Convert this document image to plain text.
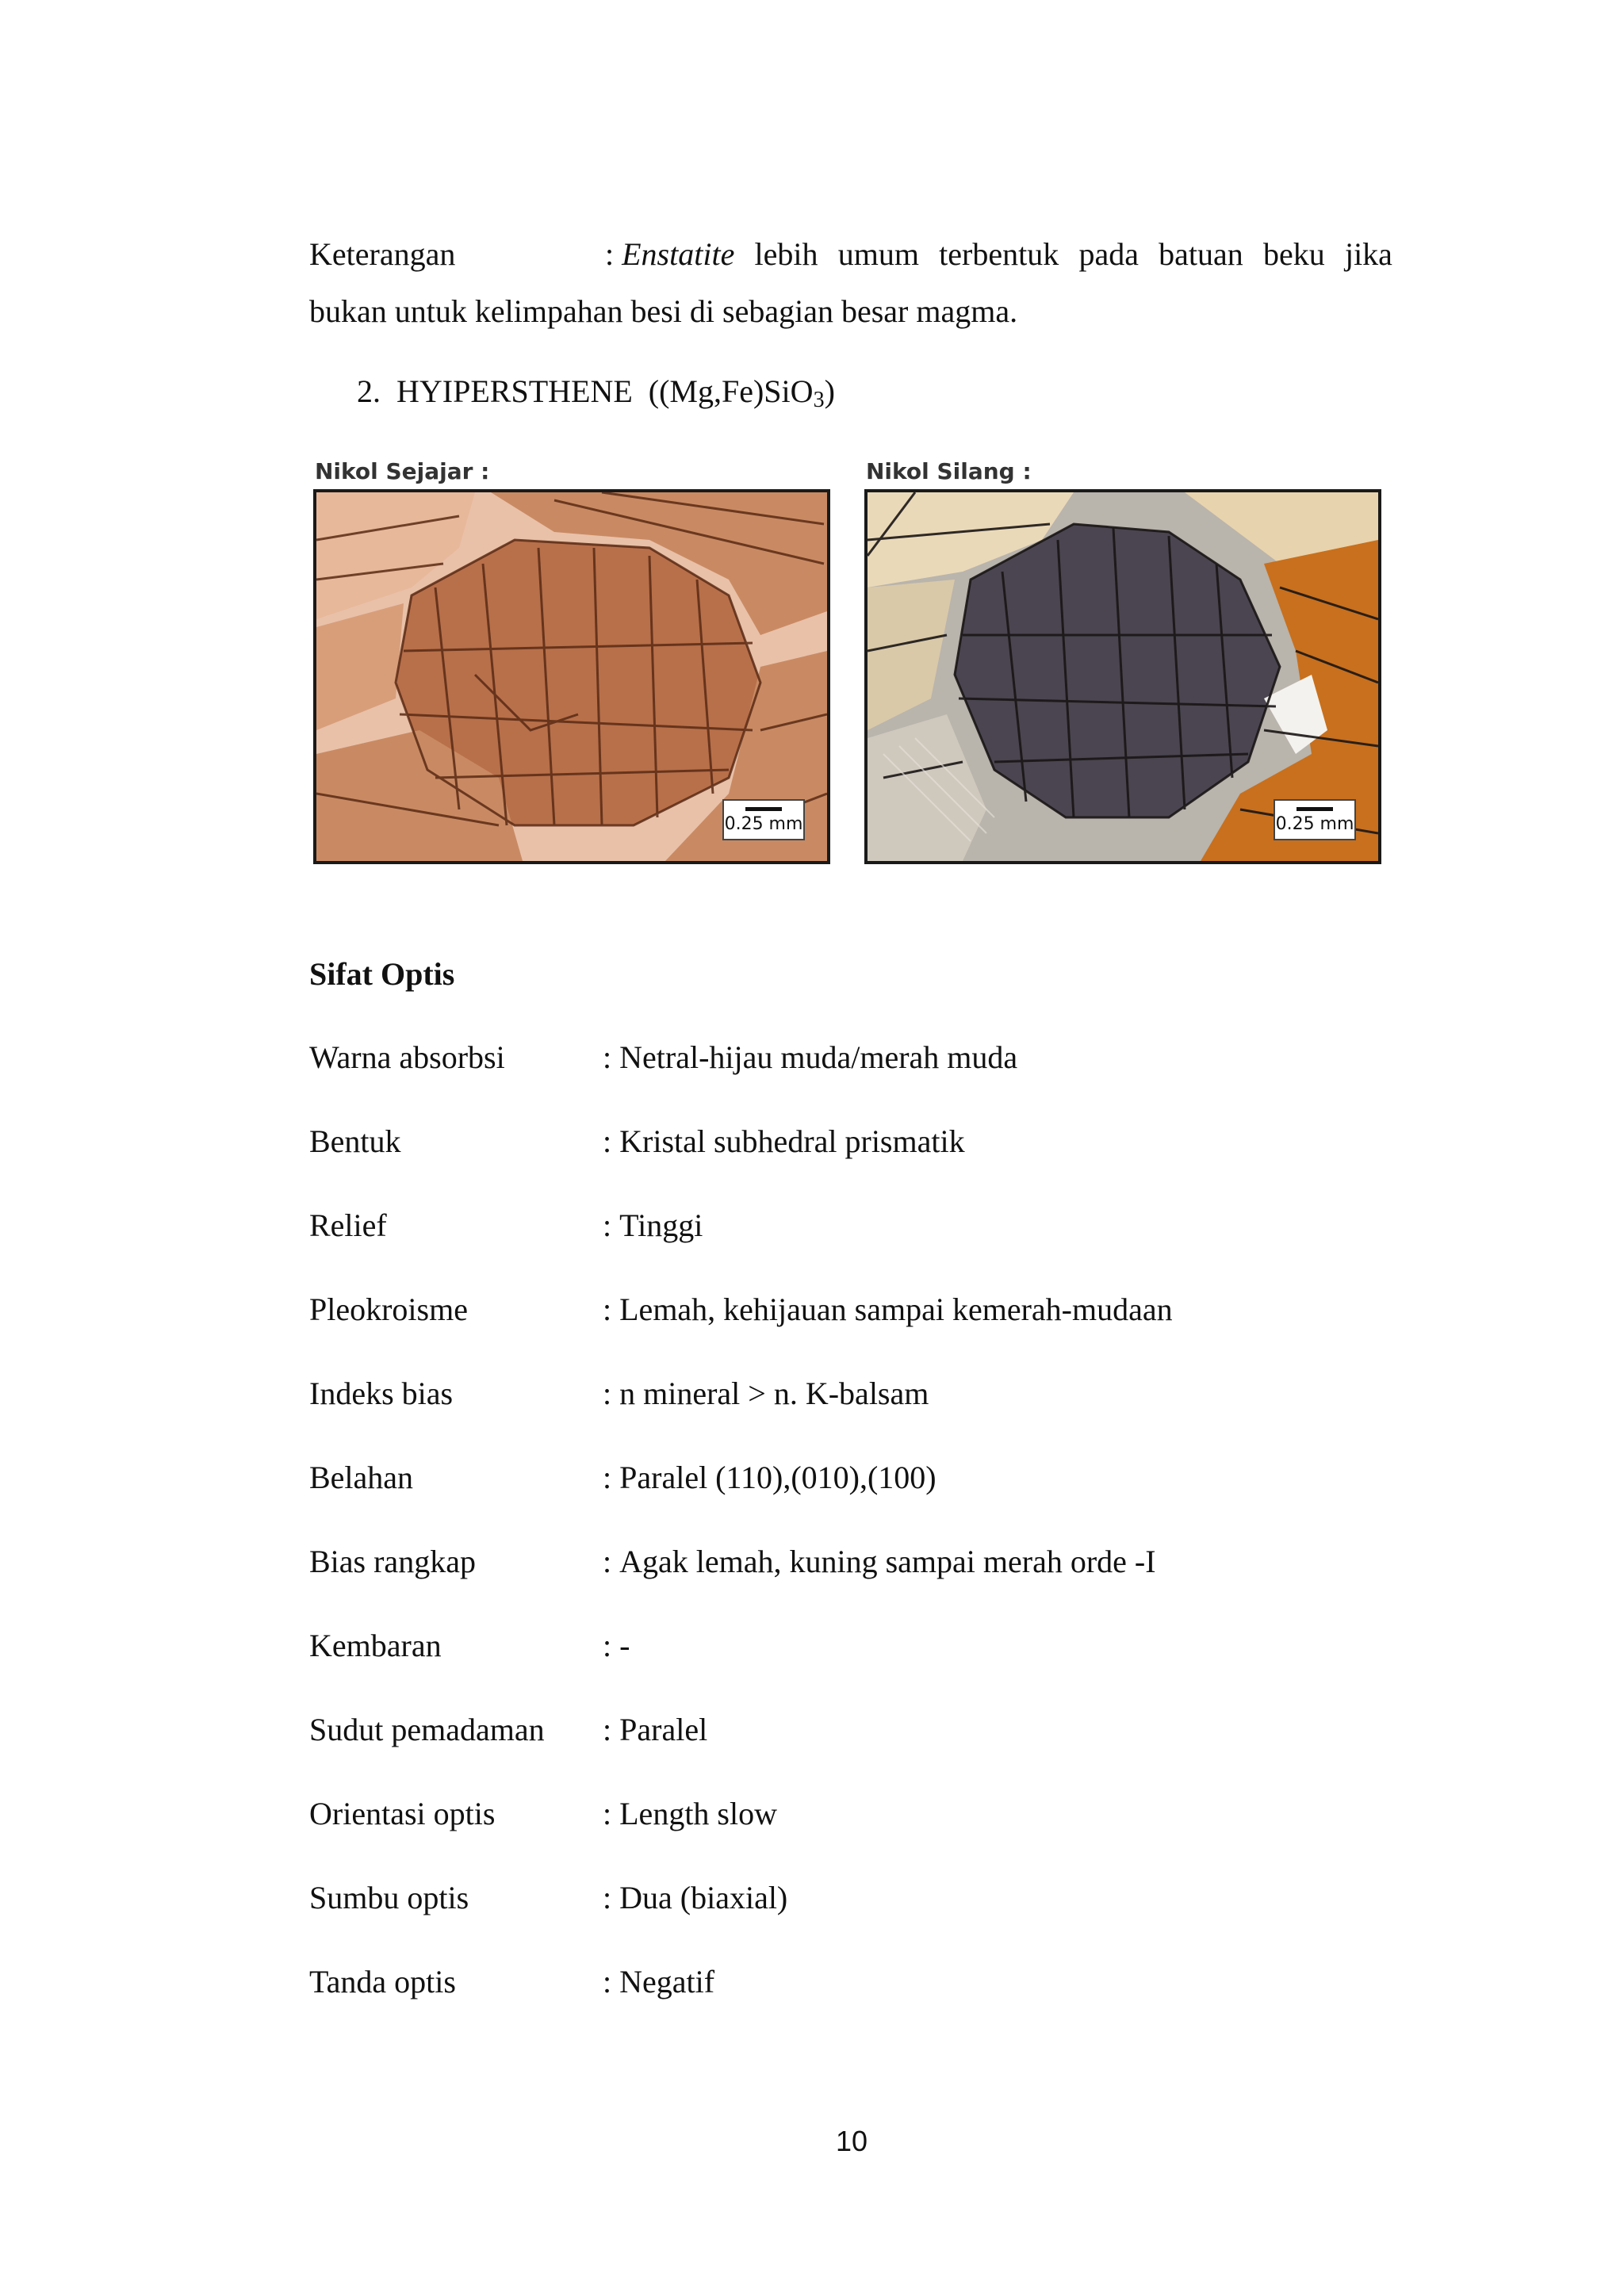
Keterangan	: Enstatite lebih umum terbentuk pada batuan beku jika
bukan untuk kelimpahan besi di sebagian besar magma.
2. HYIPERSTHENE ((Mg,Fe)SiO$_3$)
Nikol Sejajar :
0.25 mm
Nikol Silang :
0.25 mm
Sifat Optis
Warna absorbsi	:
Netral-hijau muda/merah muda
Bentuk	:
Kristal subhedral prismatik
Relief	:
Tinggi
Pleokroisme	:
Lemah, kehijauan sampai kemerah-mudaan
Indeks bias	:
n mineral > n. K-balsam
Belahan	:
Paralel (110),(010),(100)
Bias rangkap	:
Agak lemah, kuning sampai merah orde -I
Kembaran	:
-
Sudut pemadaman	:
Paralel
Orientasi optis	:
Length slow
Sumbu optis	:
Dua (biaxial)
Tanda optis	:
Negatif
10
